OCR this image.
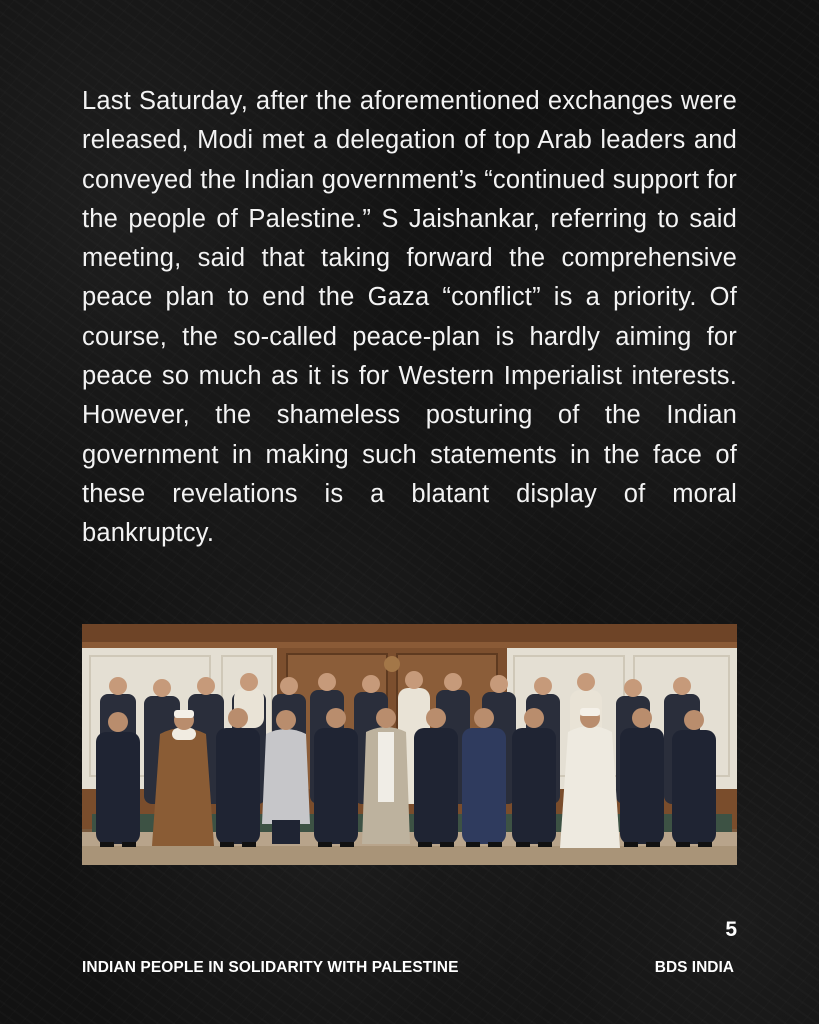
Last Saturday, after the aforementioned exchanges were released, Modi met a delegation of top Arab leaders and conveyed the Indian government’s “continued support for the people of Palestine.” S Jaishankar, referring to said meeting, said that taking forward the comprehensive peace plan to end the Gaza “conflict” is a priority. Of course, the so-called peace-plan is hardly aiming for peace so much as it is for Western Imperialist interests. However, the shameless posturing of the Indian government in making such statements in the face of these revelations is a blatant display of moral bankruptcy.

5
INDIAN PEOPLE IN SOLIDARITY WITH PALESTINE	BDS INDIA
